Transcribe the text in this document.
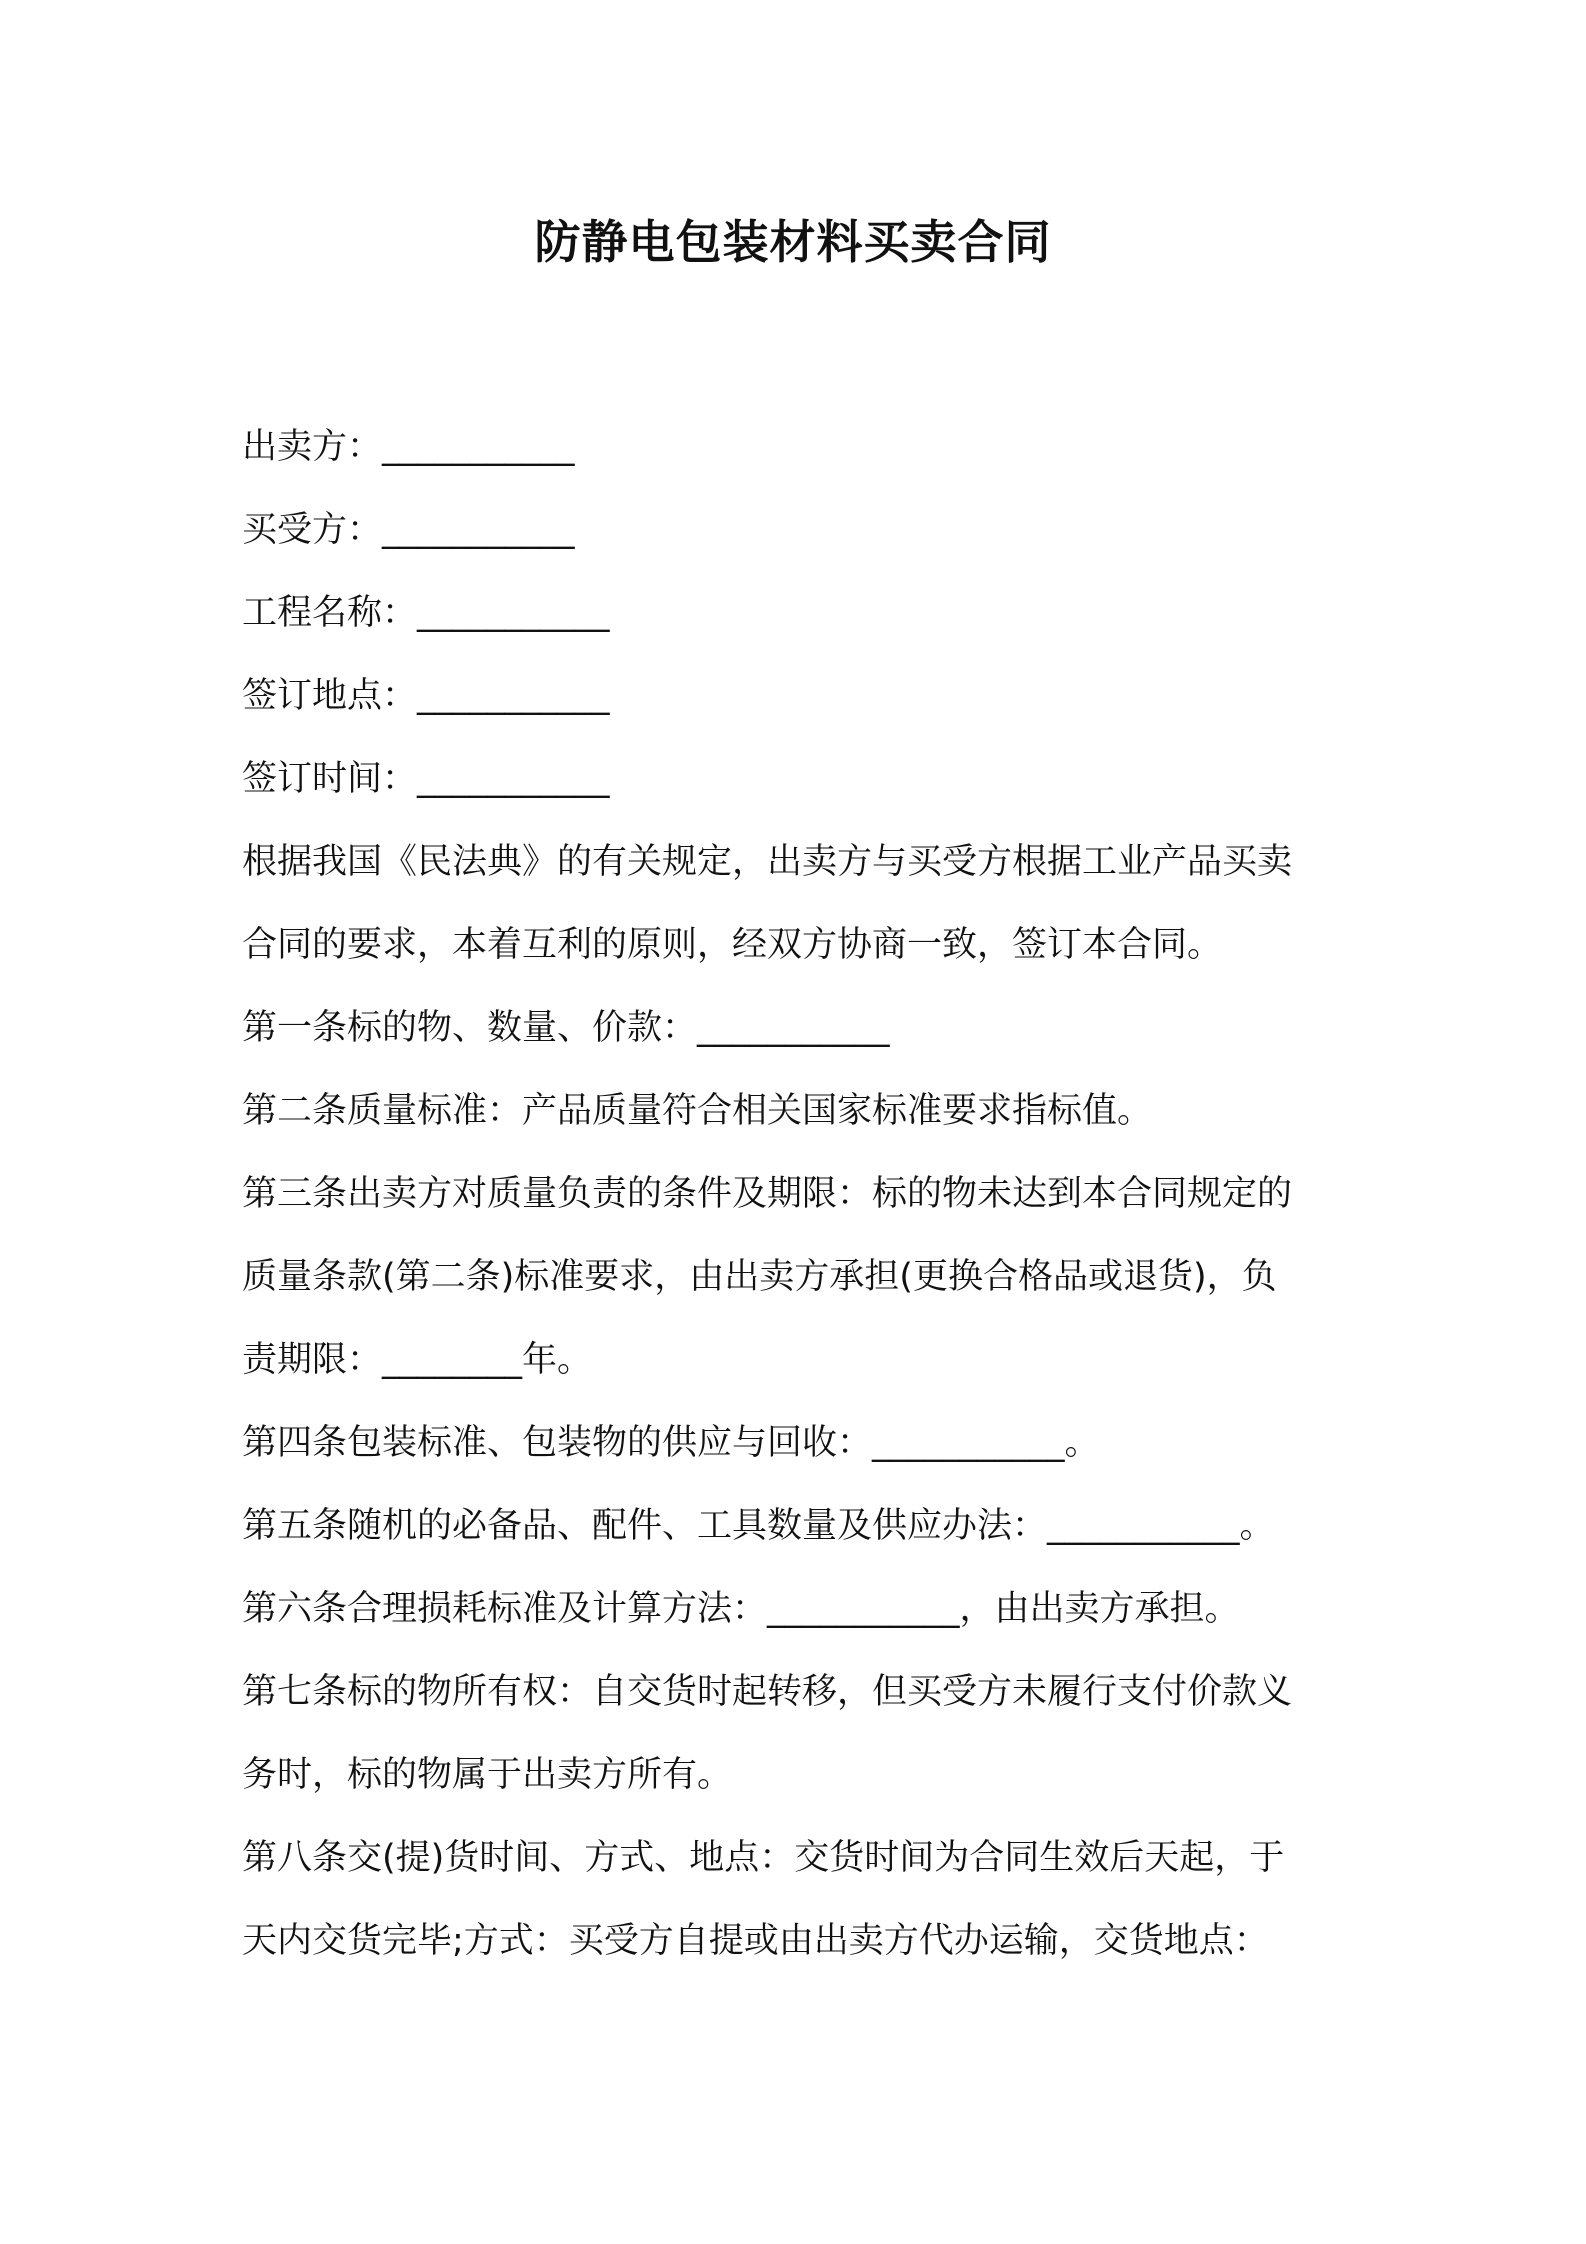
防静电包装材料买卖合同

出卖方：___________

买受方：___________

工程名称：___________

签订地点：___________

签订时间：___________

根据我国《民法典》的有关规定，出卖方与买受方根据工业产品买卖

合同的要求，本着互利的原则，经双方协商一致，签订本合同。

第一条标的物、数量、价款：___________

第二条质量标准：产品质量符合相关国家标准要求指标值。

第三条出卖方对质量负责的条件及期限：标的物未达到本合同规定的

质量条款(第二条)标准要求，由出卖方承担(更换合格品或退货)，负

责期限：________年。

第四条包装标准、包装物的供应与回收：___________。

第五条随机的必备品、配件、工具数量及供应办法：___________。

第六条合理损耗标准及计算方法：___________，由出卖方承担。

第七条标的物所有权：自交货时起转移，但买受方未履行支付价款义

务时，标的物属于出卖方所有。

第八条交(提)货时间、方式、地点：交货时间为合同生效后天起，于

天内交货完毕;方式：买受方自提或由出卖方代办运输，交货地点：
